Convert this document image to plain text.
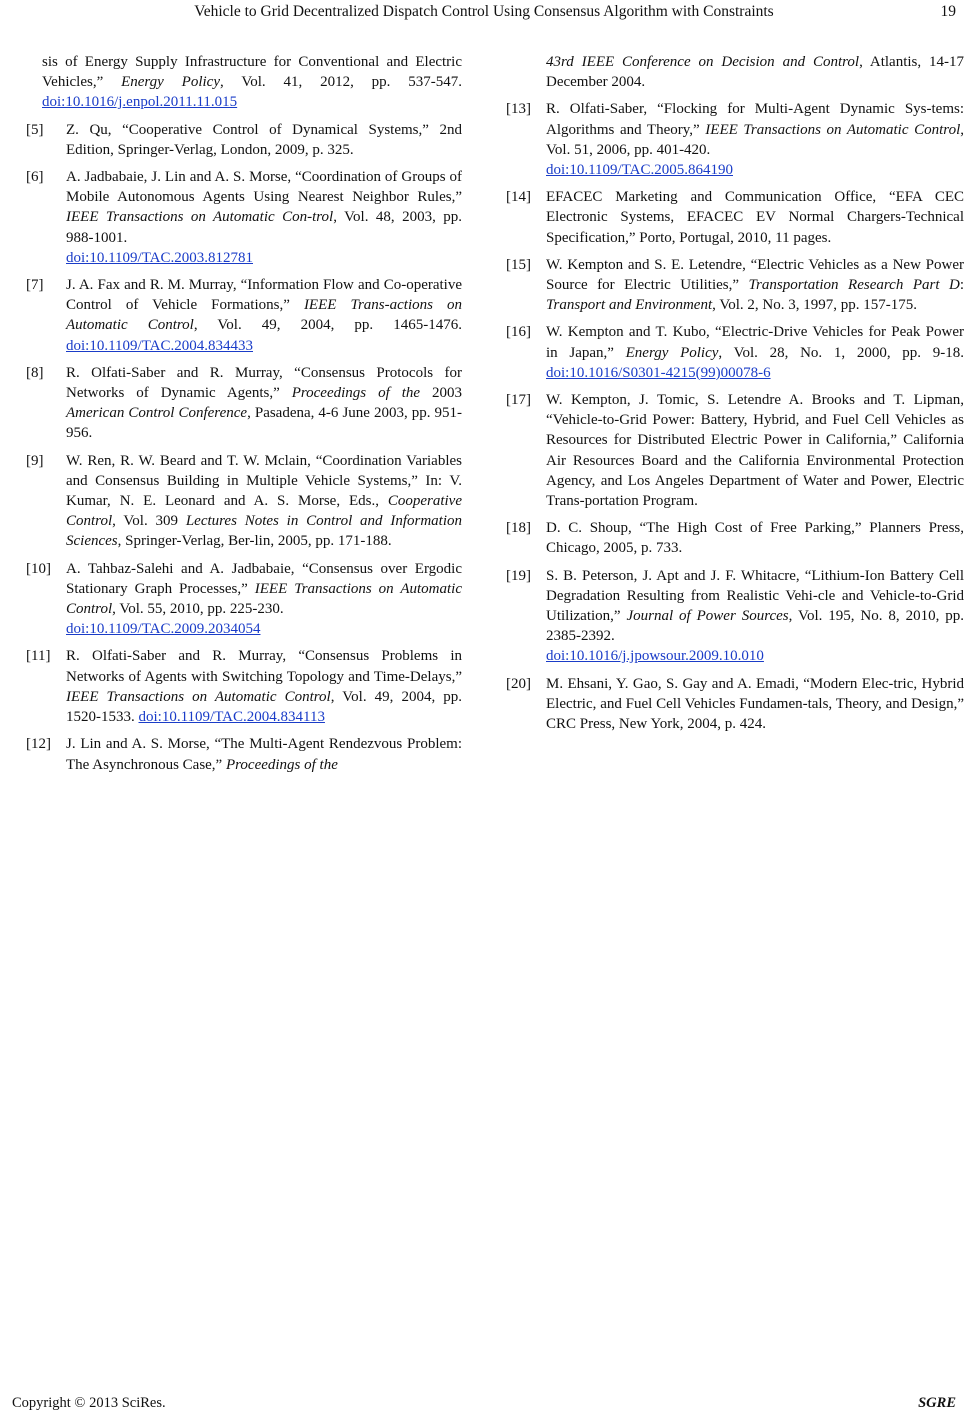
Vehicle to Grid Decentralized Dispatch Control Using Consensus Algorithm with Constraints	19
sis of Energy Supply Infrastructure for Conventional and Electric Vehicles,” Energy Policy, Vol. 41, 2012, pp. 537-547. doi:10.1016/j.enpol.2011.11.015
[5] Z. Qu, “Cooperative Control of Dynamical Systems,” 2nd Edition, Springer-Verlag, London, 2009, p. 325.
[6] A. Jadbabaie, J. Lin and A. S. Morse, “Coordination of Groups of Mobile Autonomous Agents Using Nearest Neighbor Rules,” IEEE Transactions on Automatic Con-trol, Vol. 48, 2003, pp. 988-1001.
doi:10.1109/TAC.2003.812781
[7] J. A. Fax and R. M. Murray, “Information Flow and Co-operative Control of Vehicle Formations,” IEEE Trans-actions on Automatic Control, Vol. 49, 2004, pp. 1465-1476. doi:10.1109/TAC.2004.834433
[8] R. Olfati-Saber and R. Murray, “Consensus Protocols for Networks of Dynamic Agents,” Proceedings of the 2003 American Control Conference, Pasadena, 4-6 June 2003, pp. 951-956.
[9] W. Ren, R. W. Beard and T. W. Mclain, “Coordination Variables and Consensus Building in Multiple Vehicle Systems,” In: V. Kumar, N. E. Leonard and A. S. Morse, Eds., Cooperative Control, Vol. 309 Lectures Notes in Control and Information Sciences, Springer-Verlag, Ber-lin, 2005, pp. 171-188.
[10] A. Tahbaz-Salehi and A. Jadbabaie, “Consensus over Ergodic Stationary Graph Processes,” IEEE Transactions on Automatic Control, Vol. 55, 2010, pp. 225-230.
doi:10.1109/TAC.2009.2034054
[11] R. Olfati-Saber and R. Murray, “Consensus Problems in Networks of Agents with Switching Topology and Time-Delays,” IEEE Transactions on Automatic Control, Vol. 49, 2004, pp. 1520-1533. doi:10.1109/TAC.2004.834113
[12] J. Lin and A. S. Morse, “The Multi-Agent Rendezvous Problem: The Asynchronous Case,” Proceedings of the
43rd IEEE Conference on Decision and Control, Atlantis, 14-17 December 2004.
[13] R. Olfati-Saber, “Flocking for Multi-Agent Dynamic Sys-tems: Algorithms and Theory,” IEEE Transactions on Automatic Control, Vol. 51, 2006, pp. 401-420.
doi:10.1109/TAC.2005.864190
[14] EFACEC Marketing and Communication Office, “EFA CEC Electronic Systems, EFACEC EV Normal Chargers-Technical Specification,” Porto, Portugal, 2010, 11 pages.
[15] W. Kempton and S. E. Letendre, “Electric Vehicles as a New Power Source for Electric Utilities,” Transportation Research Part D: Transport and Environment, Vol. 2, No. 3, 1997, pp. 157-175.
[16] W. Kempton and T. Kubo, “Electric-Drive Vehicles for Peak Power in Japan,” Energy Policy, Vol. 28, No. 1, 2000, pp. 9-18. doi:10.1016/S0301-4215(99)00078-6
[17] W. Kempton, J. Tomic, S. Letendre A. Brooks and T. Lipman, “Vehicle-to-Grid Power: Battery, Hybrid, and Fuel Cell Vehicles as Resources for Distributed Electric Power in California,” California Air Resources Board and the California Environmental Protection Agency, and Los Angeles Department of Water and Power, Electric Trans-portation Program.
[18] D. C. Shoup, “The High Cost of Free Parking,” Planners Press, Chicago, 2005, p. 733.
[19] S. B. Peterson, J. Apt and J. F. Whitacre, “Lithium-Ion Battery Cell Degradation Resulting from Realistic Vehi-cle and Vehicle-to-Grid Utilization,” Journal of Power Sources, Vol. 195, No. 8, 2010, pp. 2385-2392.
doi:10.1016/j.jpowsour.2009.10.010
[20] M. Ehsani, Y. Gao, S. Gay and A. Emadi, “Modern Elec-tric, Hybrid Electric, and Fuel Cell Vehicles Fundamen-tals, Theory, and Design,” CRC Press, New York, 2004, p. 424.
Copyright © 2013 SciRes.	SGRE
